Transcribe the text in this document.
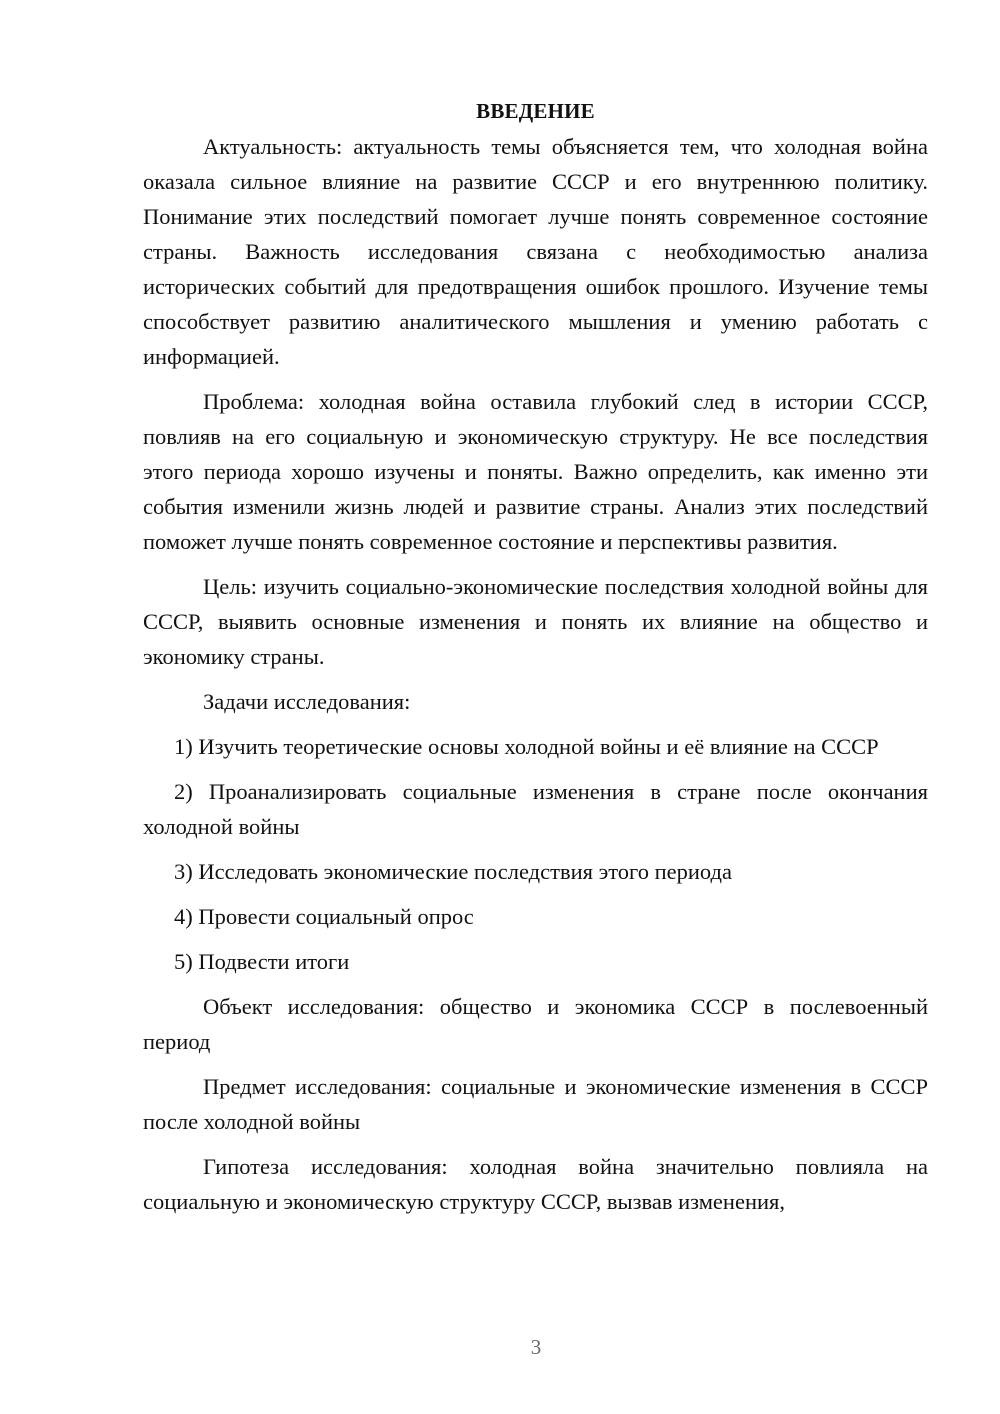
ВВЕДЕНИЕ

Актуальность: актуальность темы объясняется тем, что холодная война оказала сильное влияние на развитие СССР и его внутреннюю политику. Понимание этих последствий помогает лучше понять современное состояние страны. Важность исследования связана с необходимостью анализа исторических событий для предотвращения ошибок прошлого. Изучение темы способствует развитию аналитического мышления и умению работать с информацией.

Проблема: холодная война оставила глубокий след в истории СССР, повлияв на его социальную и экономическую структуру. Не все последствия этого периода хорошо изучены и поняты. Важно определить, как именно эти события изменили жизнь людей и развитие страны. Анализ этих последствий поможет лучше понять современное состояние и перспективы развития.

Цель: изучить социально-экономические последствия холодной войны для СССР, выявить основные изменения и понять их влияние на общество и экономику страны.

Задачи исследования:

1) Изучить теоретические основы холодной войны и её влияние на СССР

2) Проанализировать социальные изменения в стране после окончания холодной войны

3) Исследовать экономические последствия этого периода

4) Провести социальный опрос

5) Подвести итоги

Объект исследования: общество и экономика СССР в послевоенный период

Предмет исследования: социальные и экономические изменения в СССР после холодной войны

Гипотеза исследования: холодная война значительно повлияла на социальную и экономическую структуру СССР, вызвав изменения,

3
